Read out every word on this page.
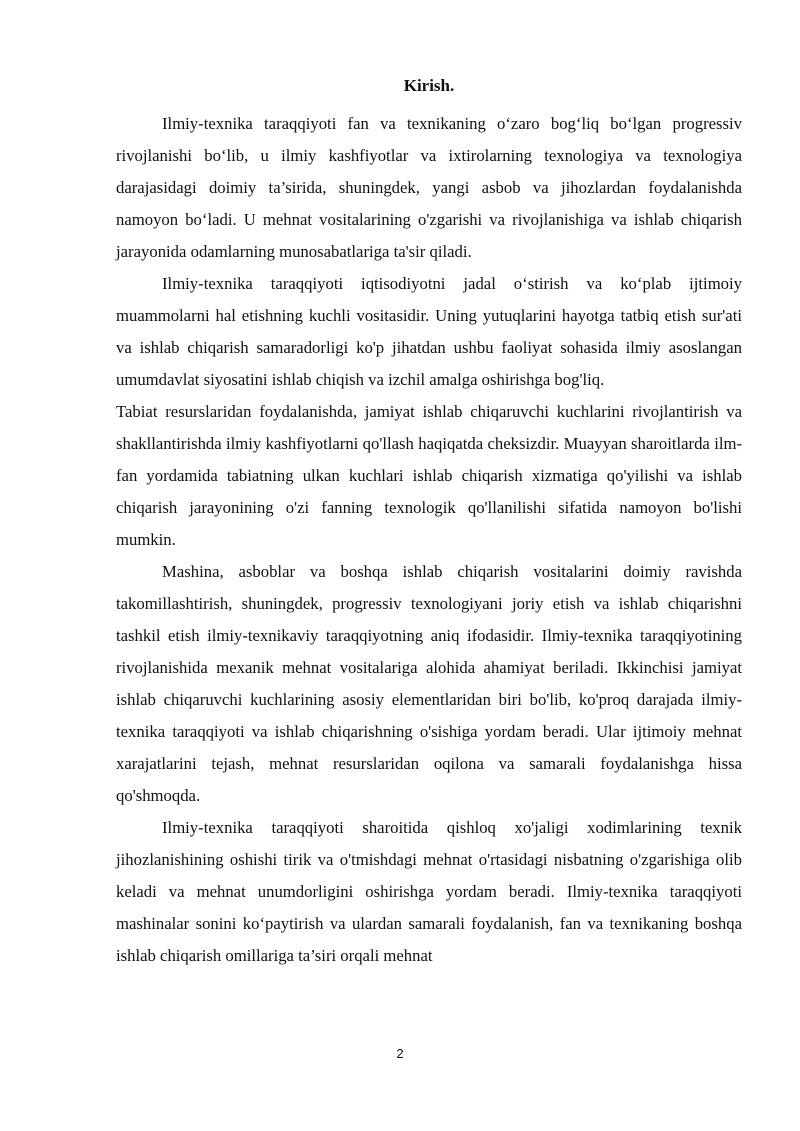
Kirish.

Ilmiy-texnika taraqqiyoti fan va texnikaning o‘zaro bog‘liq bo‘lgan progressiv rivojlanishi bo‘lib, u ilmiy kashfiyotlar va ixtirolarning texnologiya va texnologiya darajasidagi doimiy ta’sirida, shuningdek, yangi asbob va jihozlardan foydalanishda namoyon bo‘ladi. U mehnat vositalarining o'zgarishi va rivojlanishiga va ishlab chiqarish jarayonida odamlarning munosabatlariga ta'sir qiladi.

Ilmiy-texnika taraqqiyoti iqtisodiyotni jadal o‘stirish va ko‘plab ijtimoiy muammolarni hal etishning kuchli vositasidir. Uning yutuqlarini hayotga tatbiq etish sur'ati va ishlab chiqarish samaradorligi ko'p jihatdan ushbu faoliyat sohasida ilmiy asoslangan umumdavlat siyosatini ishlab chiqish va izchil amalga oshirishga bog'liq.

Tabiat resurslaridan foydalanishda, jamiyat ishlab chiqaruvchi kuchlarini rivojlantirish va shakllantirishda ilmiy kashfiyotlarni qo'llash haqiqatda cheksizdir. Muayyan sharoitlarda ilm-fan yordamida tabiatning ulkan kuchlari ishlab chiqarish xizmatiga qo'yilishi va ishlab chiqarish jarayonining o'zi fanning texnologik qo'llanilishi sifatida namoyon bo'lishi mumkin.

Mashina, asboblar va boshqa ishlab chiqarish vositalarini doimiy ravishda takomillashtirish, shuningdek, progressiv texnologiyani joriy etish va ishlab chiqarishni tashkil etish ilmiy-texnikaviy taraqqiyotning aniq ifodasidir. Ilmiy-texnika taraqqiyotining rivojlanishida mexanik mehnat vositalariga alohida ahamiyat beriladi. Ikkinchisi jamiyat ishlab chiqaruvchi kuchlarining asosiy elementlaridan biri bo'lib, ko'proq darajada ilmiy-texnika taraqqiyoti va ishlab chiqarishning o'sishiga yordam beradi. Ular ijtimoiy mehnat xarajatlarini tejash, mehnat resurslaridan oqilona va samarali foydalanishga hissa qo'shmoqda.

Ilmiy-texnika taraqqiyoti sharoitida qishloq xo'jaligi xodimlarining texnik jihozlanishining oshishi tirik va o'tmishdagi mehnat o'rtasidagi nisbatning o'zgarishiga olib keladi va mehnat unumdorligini oshirishga yordam beradi. Ilmiy-texnika taraqqiyoti mashinalar sonini ko‘paytirish va ulardan samarali foydalanish, fan va texnikaning boshqa ishlab chiqarish omillariga ta’siri orqali mehnat

2
